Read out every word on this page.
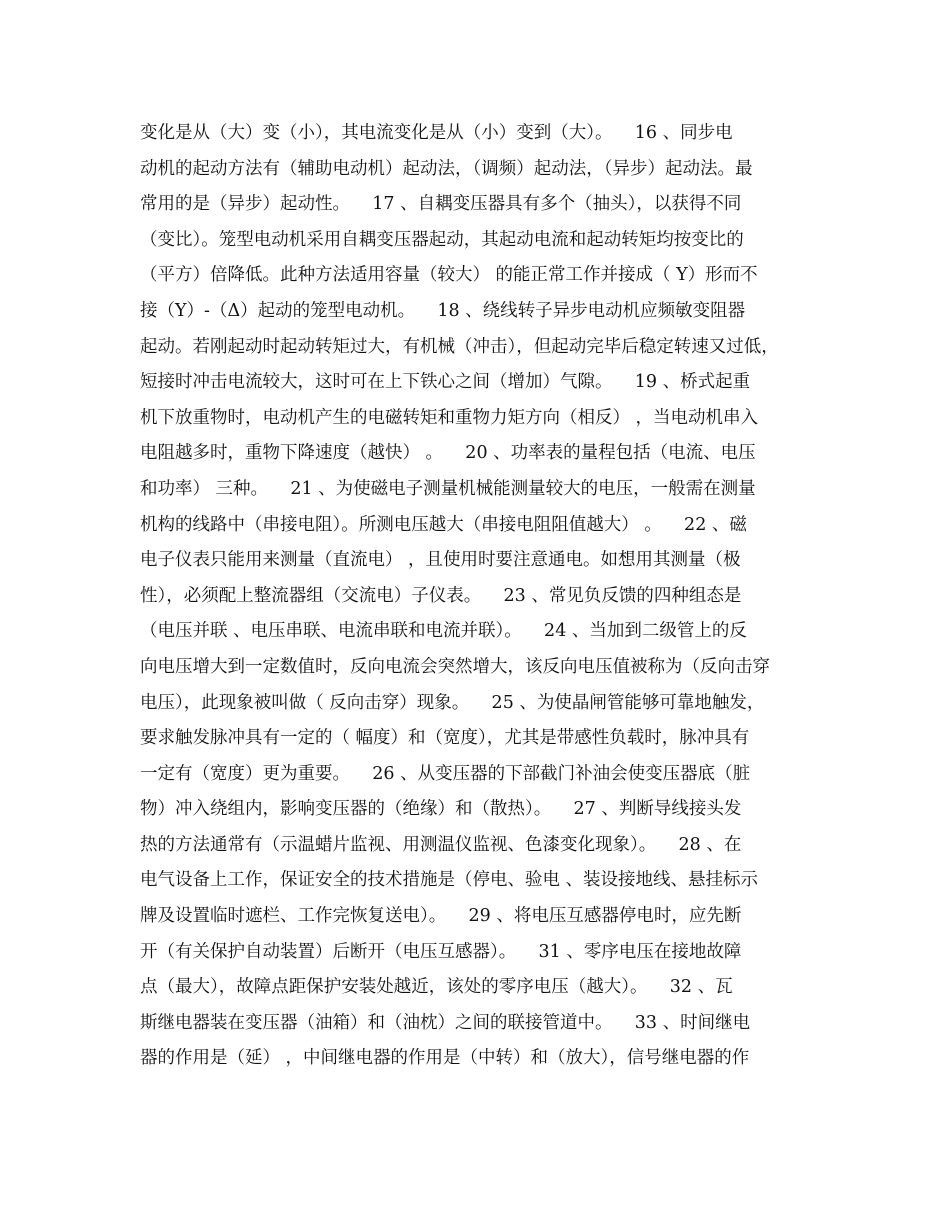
变化是从（大）变（小），其电流变化是从（小）变到（大）。    16 、同步电
动机的起动方法有（辅助电动机）起动法，（调频）起动法，（异步）起动法。最
常用的是（异步）起动性。    17 、自耦变压器具有多个（抽头），以获得不同
（变比）。笼型电动机采用自耦变压器起动，其起动电流和起动转矩均按变比的
（平方）倍降低。此种方法适用容量（较大） 的能正常工作并接成（ Y）形而不
接（Y）-（Δ）起动的笼型电动机。    18 、绕线转子异步电动机应频敏变阻器
起动。若刚起动时起动转矩过大，有机械（冲击），但起动完毕后稳定转速又过低，
短接时冲击电流较大，这时可在上下铁心之间（增加）气隙。    19 、桥式起重
机下放重物时，电动机产生的电磁转矩和重物力矩方向（相反） ，当电动机串入
电阻越多时，重物下降速度（越快） 。    20 、功率表的量程包括（电流、电压
和功率） 三种。    21 、为使磁电子测量机械能测量较大的电压，一般需在测量
机构的线路中（串接电阻）。所测电压越大（串接电阻阻值越大） 。    22 、磁
电子仪表只能用来测量（直流电） ，且使用时要注意通电。如想用其测量（极
性），必须配上整流器组（交流电）子仪表。    23 、常见负反馈的四种组态是
（电压并联 、电压串联、电流串联和电流并联）。    24 、当加到二级管上的反
向电压增大到一定数值时，反向电流会突然增大，该反向电压值被称为（反向击穿
电压），此现象被叫做（ 反向击穿）现象。    25 、为使晶闸管能够可靠地触发，
要求触发脉冲具有一定的（ 幅度）和（宽度），尤其是带感性负载时，脉冲具有
一定有（宽度）更为重要。    26 、从变压器的下部截门补油会使变压器底（脏
物）冲入绕组内，影响变压器的（绝缘）和（散热）。    27 、判断导线接头发
热的方法通常有（示温蜡片监视、用测温仪监视、色漆变化现象）。    28 、在
电气设备上工作，保证安全的技术措施是（停电、验电 、装设接地线、悬挂标示
牌及设置临时遮栏、工作完恢复送电）。    29 、将电压互感器停电时，应先断
开（有关保护自动装置）后断开（电压互感器）。    31 、零序电压在接地故障
点（最大），故障点距保护安装处越近，该处的零序电压（越大）。    32 、瓦
斯继电器装在变压器（油箱）和（油枕）之间的联接管道中。    33 、时间继电
器的作用是（延） ，中间继电器的作用是（中转）和（放大），信号继电器的作
